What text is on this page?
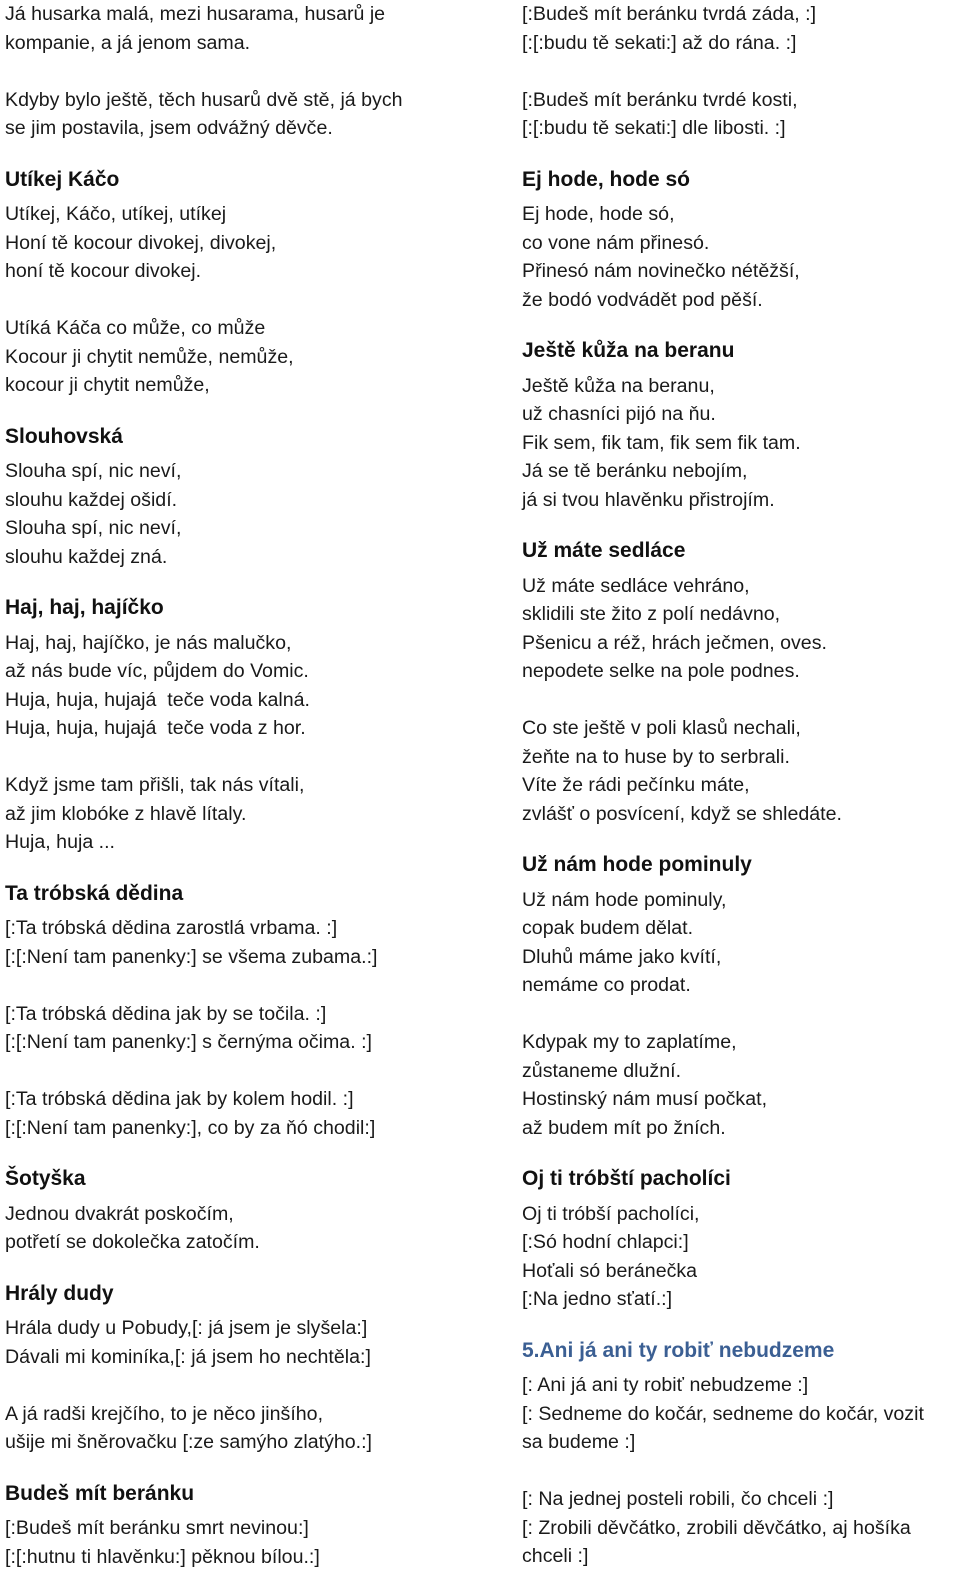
Já husarka malá, mezi husarama, husarů je

kompanie, a já jenom sama.

Kdyby bylo ještě, těch husarů dvě stě, já bych

se jim postavila, jsem odvážný děvče.

Utíkej Káčo

Utíkej, Káčo, utíkej, utíkej

Honí tě kocour divokej, divokej,

honí tě kocour divokej.

Utíká Káča co může, co může

Kocour ji chytit nemůže, nemůže,

kocour ji chytit nemůže,

Slouhovská

Slouha spí, nic neví,

slouhu každej ošidí.

Slouha spí, nic neví,

slouhu každej zná.

Haj, haj, hajíčko

Haj, haj, hajíčko, je nás malučko,

až nás bude víc, půjdem do Vomic.

Huja, huja, hujajá  teče voda kalná.

Huja, huja, hujajá  teče voda z hor.

Když jsme tam přišli, tak nás vítali,

až jim klobóke z hlavě lítaly.

Huja, huja ...

Ta tróbská dědina

[:Ta tróbská dědina zarostlá vrbama. :]

[:[:Není tam panenky:] se všema zubama.:]

[:Ta tróbská dědina jak by se točila. :]

[:[:Není tam panenky:] s černýma očima. :]

[:Ta tróbská dědina jak by kolem hodil. :]

[:[:Není tam panenky:], co by za ňó chodil:]

Šotyška

Jednou dvakrát poskočím,

potřetí se dokolečka zatočím.

Hrály dudy

Hrála dudy u Pobudy,[: já jsem je slyšela:]

Dávali mi kominíka,[: já jsem ho nechtěla:]

A já radši krejčího, to je něco jinšího,

ušije mi šněrovačku [:ze samýho zlatýho.:]

Budeš mít beránku

[:Budeš mít beránku smrt nevinou:]

[:[:hutnu ti hlavěnku:] pěknou bílou.:]

[:Budeš mít beránku tvrdá záda, :]

[:[:budu tě sekati:] až do rána. :]

[:Budeš mít beránku tvrdé kosti,

[:[:budu tě sekati:] dle libosti. :]

Ej hode, hode só

Ej hode, hode só,

co vone nám přinesó.

Přinesó nám novinečko nétěžší,

že bodó vodvádět pod pěší.

Ještě kůža na beranu

Ještě kůža na beranu,

už chasníci pijó na ňu.

Fik sem, fik tam, fik sem fik tam.

Já se tě beránku nebojím,

já si tvou hlavěnku přistrojím.

Už máte sedláce

Už máte sedláce vehráno,

sklidili ste žito z polí nedávno,

Pšenicu a réž, hrách ječmen, oves.

nepodete selke na pole podnes.

Co ste ještě v poli klasů nechali,

žeňte na to huse by to serbrali.

Víte že rádi pečínku máte,

zvlášť o posvícení, když se shledáte.

Už nám hode pominuly

Už nám hode pominuly,

copak budem dělat.

Dluhů máme jako kvítí,

nemáme co prodat.

Kdypak my to zaplatíme,

zůstaneme dlužní.

Hostinský nám musí počkat,

až budem mít po žních.

Oj ti tróbští pacholíci

Oj ti tróbší pacholíci,

[:Só hodní chlapci:]

Hoťali só beránečka

[:Na jedno sťatí.:]

5.Ani já ani ty robiť nebudzeme

[: Ani já ani ty robiť nebudzeme :]

[: Sedneme do kočár, sedneme do kočár, vozit

sa budeme :]

[: Na jednej posteli robili, čo chceli :]

[: Zrobili děvčátko, zrobili děvčátko, aj hošíka

chceli :]
